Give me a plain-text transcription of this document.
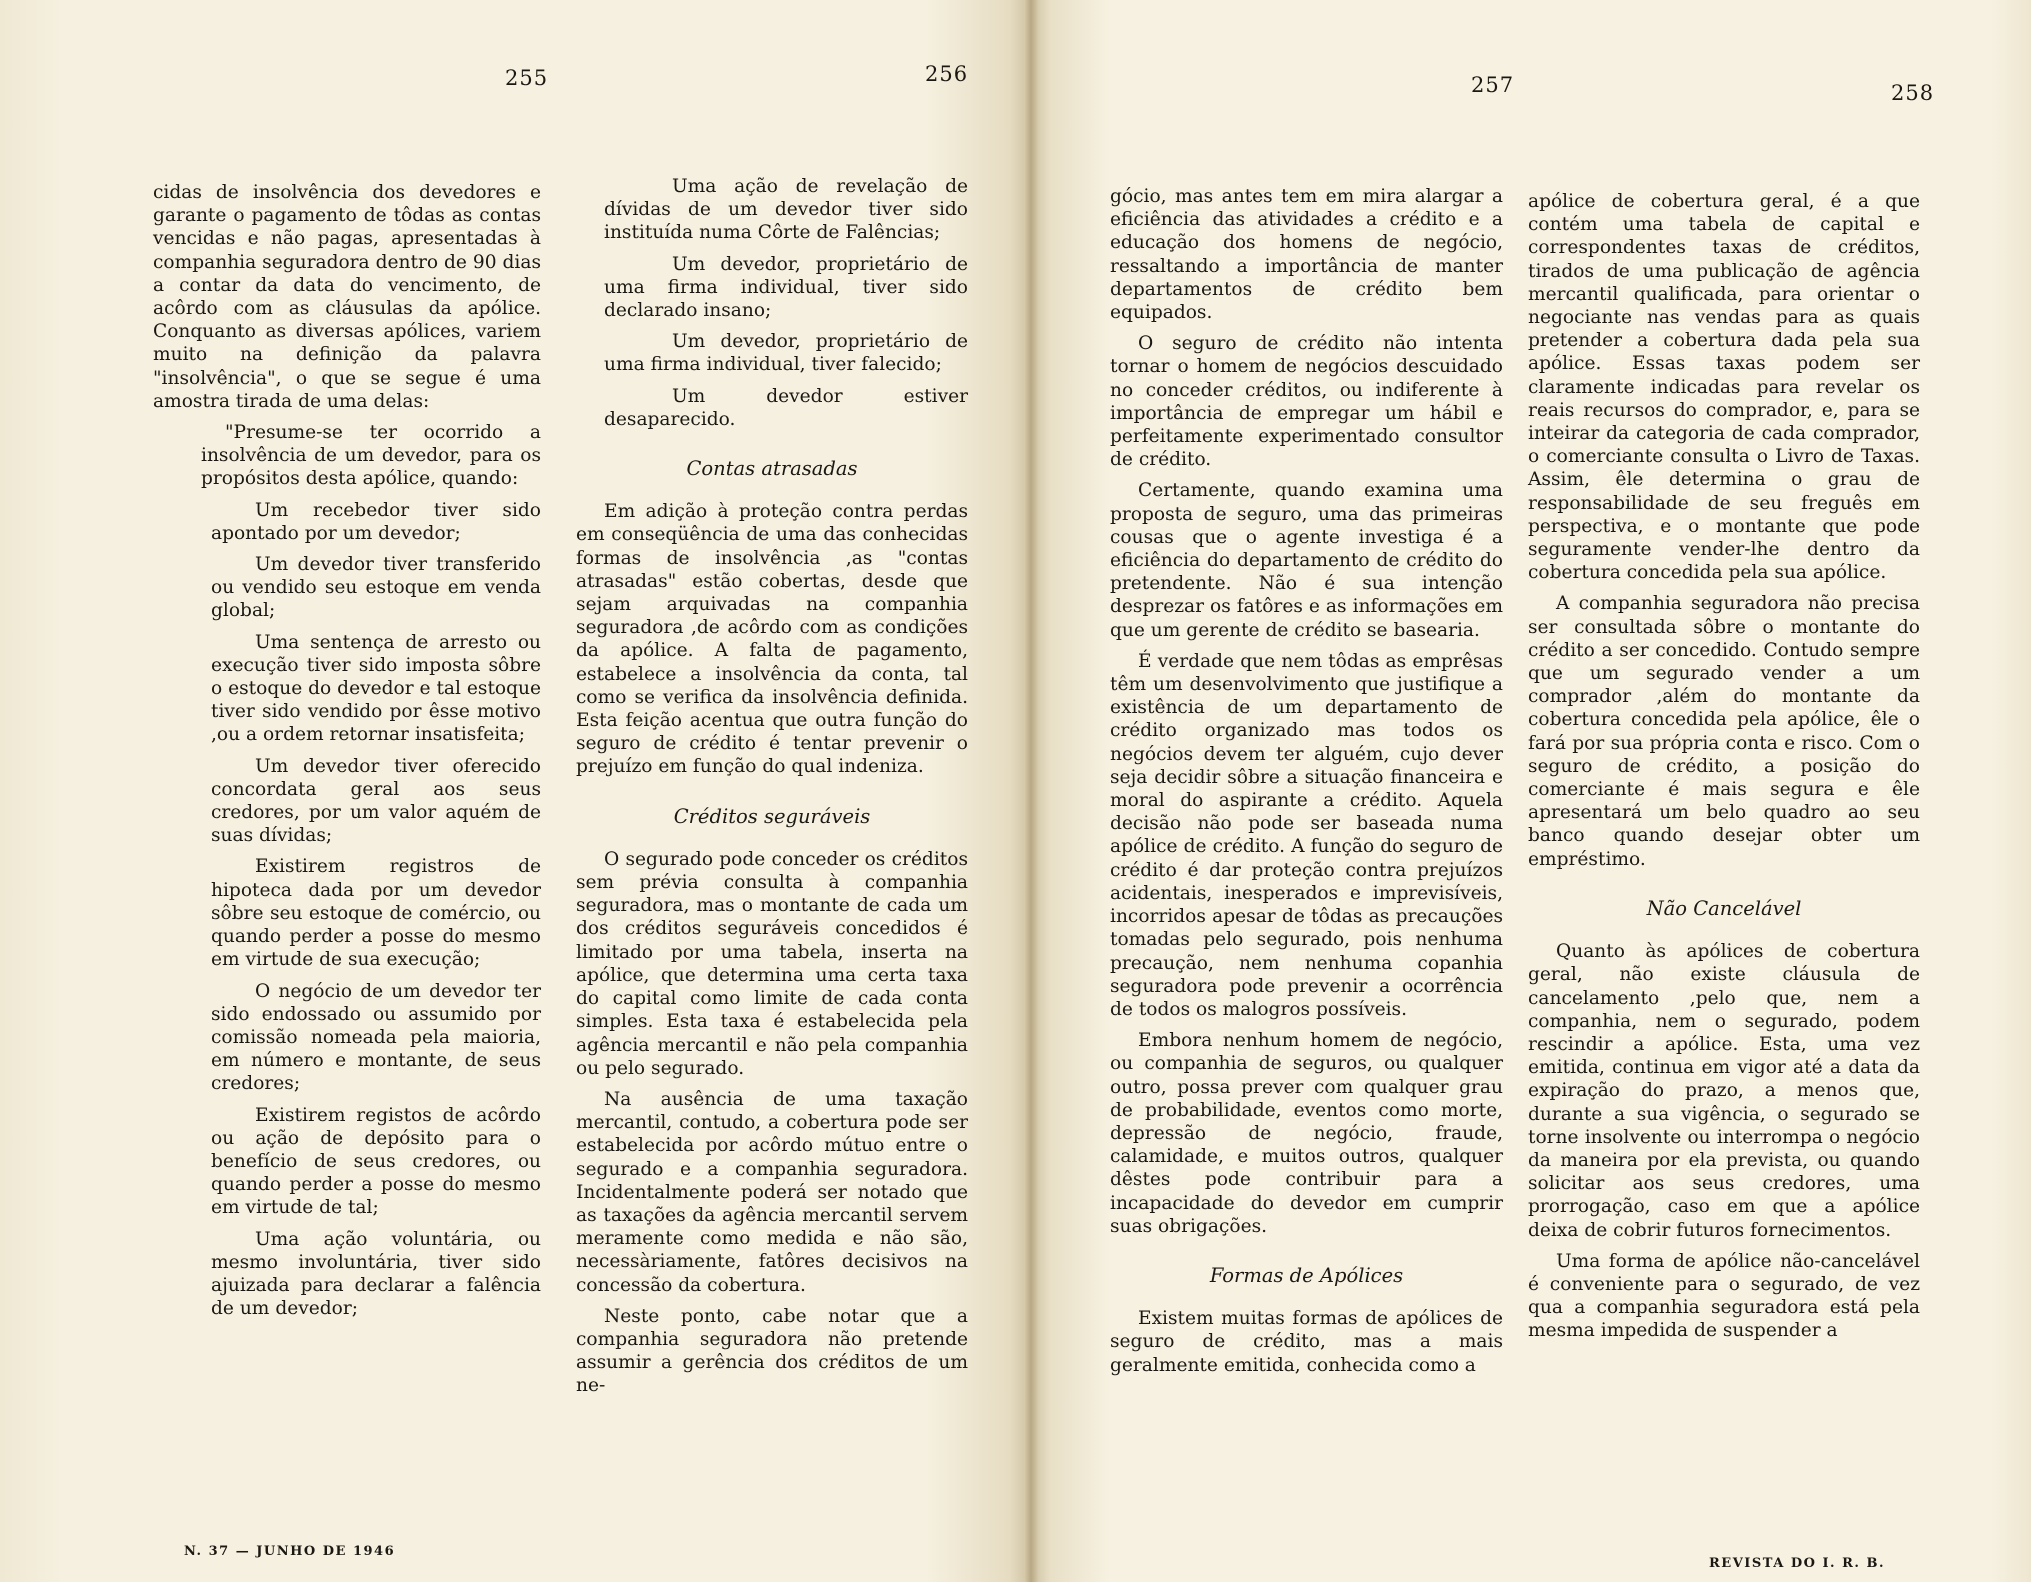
255	256	257	258

cidas de insolvência dos devedores e garante o pagamento de tôdas as contas vencidas e não pagas, apresentadas à companhia seguradora dentro de 90 dias a contar da data do vencimento, de acôrdo com as cláusulas da apólice. Conquanto as diversas apólices, variem muito na definição da palavra "insolvência", o que se segue é uma amostra tirada de uma delas:

"Presume-se ter ocorrido a insolvência de um devedor, para os propósitos desta apólice, quando:

Um recebedor tiver sido apontado por um devedor;

Um devedor tiver transferido ou vendido seu estoque em venda global;

Uma sentença de arresto ou execução tiver sido imposta sôbre o estoque do devedor e tal estoque tiver sido vendido por êsse motivo ,ou a ordem retornar insatisfeita;

Um devedor tiver oferecido concordata geral aos seus credores, por um valor aquém de suas dívidas;

Existirem registros de hipoteca dada por um devedor sôbre seu estoque de comércio, ou quando perder a posse do mesmo em virtude de sua execução;

O negócio de um devedor ter sido endossado ou assumido por comissão nomeada pela maioria, em número e montante, de seus credores;

Existirem registos de acôrdo ou ação de depósito para o benefício de seus credores, ou quando perder a posse do mesmo em virtude de tal;

Uma ação voluntária, ou mesmo involuntária, tiver sido ajuizada para declarar a falência de um devedor;

Uma ação de revelação de dívidas de um devedor tiver sido instituída numa Côrte de Falências;

Um devedor, proprietário de uma firma individual, tiver sido declarado insano;

Um devedor, proprietário de uma firma individual, tiver falecido;

Um devedor estiver desaparecido.

Contas atrasadas

Em adição à proteção contra perdas em conseqüência de uma das conhecidas formas de insolvência ,as "contas atrasadas" estão cobertas, desde que sejam arquivadas na companhia seguradora ,de acôrdo com as condições da apólice. A falta de pagamento, estabelece a insolvência da conta, tal como se verifica da insolvência definida. Esta feição acentua que outra função do seguro de crédito é tentar prevenir o prejuízo em função do qual indeniza.

Créditos seguráveis

O segurado pode conceder os créditos sem prévia consulta à companhia seguradora, mas o montante de cada um dos créditos seguráveis concedidos é limitado por uma tabela, inserta na apólice, que determina uma certa taxa do capital como limite de cada conta simples. Esta taxa é estabelecida pela agência mercantil e não pela companhia ou pelo segurado.

Na ausência de uma taxação mercantil, contudo, a cobertura pode ser estabelecida por acôrdo mútuo entre o segurado e a companhia seguradora. Incidentalmente poderá ser notado que as taxações da agência mercantil servem meramente como medida e não são, necessàriamente, fatôres decisivos na concessão da cobertura.

Neste ponto, cabe notar que a companhia seguradora não pretende assumir a gerência dos créditos de um ne-

gócio, mas antes tem em mira alargar a eficiência das atividades a crédito e a educação dos homens de negócio, ressaltando a importância de manter departamentos de crédito bem equipados.

O seguro de crédito não intenta tornar o homem de negócios descuidado no conceder créditos, ou indiferente à importância de empregar um hábil e perfeitamente experimentado consultor de crédito.

Certamente, quando examina uma proposta de seguro, uma das primeiras cousas que o agente investiga é a eficiência do departamento de crédito do pretendente. Não é sua intenção desprezar os fatôres e as informações em que um gerente de crédito se basearia.

É verdade que nem tôdas as emprêsas têm um desenvolvimento que justifique a existência de um departamento de crédito organizado mas todos os negócios devem ter alguém, cujo dever seja decidir sôbre a situação financeira e moral do aspirante a crédito. Aquela decisão não pode ser baseada numa apólice de crédito. A função do seguro de crédito é dar proteção contra prejuízos acidentais, inesperados e imprevisíveis, incorridos apesar de tôdas as precauções tomadas pelo segurado, pois nenhuma precaução, nem nenhuma copanhia seguradora pode prevenir a ocorrência de todos os malogros possíveis.

Embora nenhum homem de negócio, ou companhia de seguros, ou qualquer outro, possa prever com qualquer grau de probabilidade, eventos como morte, depressão de negócio, fraude, calamidade, e muitos outros, qualquer dêstes pode contribuir para a incapacidade do devedor em cumprir suas obrigações.

Formas de Apólices

Existem muitas formas de apólices de seguro de crédito, mas a mais geralmente emitida, conhecida como a

apólice de cobertura geral, é a que contém uma tabela de capital e correspondentes taxas de créditos, tirados de uma publicação de agência mercantil qualificada, para orientar o negociante nas vendas para as quais pretender a cobertura dada pela sua apólice. Essas taxas podem ser claramente indicadas para revelar os reais recursos do comprador, e, para se inteirar da categoria de cada comprador, o comerciante consulta o Livro de Taxas. Assim, êle determina o grau de responsabilidade de seu freguês em perspectiva, e o montante que pode seguramente vender-lhe dentro da cobertura concedida pela sua apólice.

A companhia seguradora não precisa ser consultada sôbre o montante do crédito a ser concedido. Contudo sempre que um segurado vender a um comprador ,além do montante da cobertura concedida pela apólice, êle o fará por sua própria conta e risco. Com o seguro de crédito, a posição do comerciante é mais segura e êle apresentará um belo quadro ao seu banco quando desejar obter um empréstimo.

Não Cancelável

Quanto às apólices de cobertura geral, não existe cláusula de cancelamento ,pelo que, nem a companhia, nem o segurado, podem rescindir a apólice. Esta, uma vez emitida, continua em vigor até a data da expiração do prazo, a menos que, durante a sua vigência, o segurado se torne insolvente ou interrompa o negócio da maneira por ela prevista, ou quando solicitar aos seus credores, uma prorrogação, caso em que a apólice deixa de cobrir futuros fornecimentos.

Uma forma de apólice não-cancelável é conveniente para o segurado, de vez qua a companhia seguradora está pela mesma impedida de suspender a

N. 37 — JUNHO DE 1946
REVISTA DO I. R. B.
